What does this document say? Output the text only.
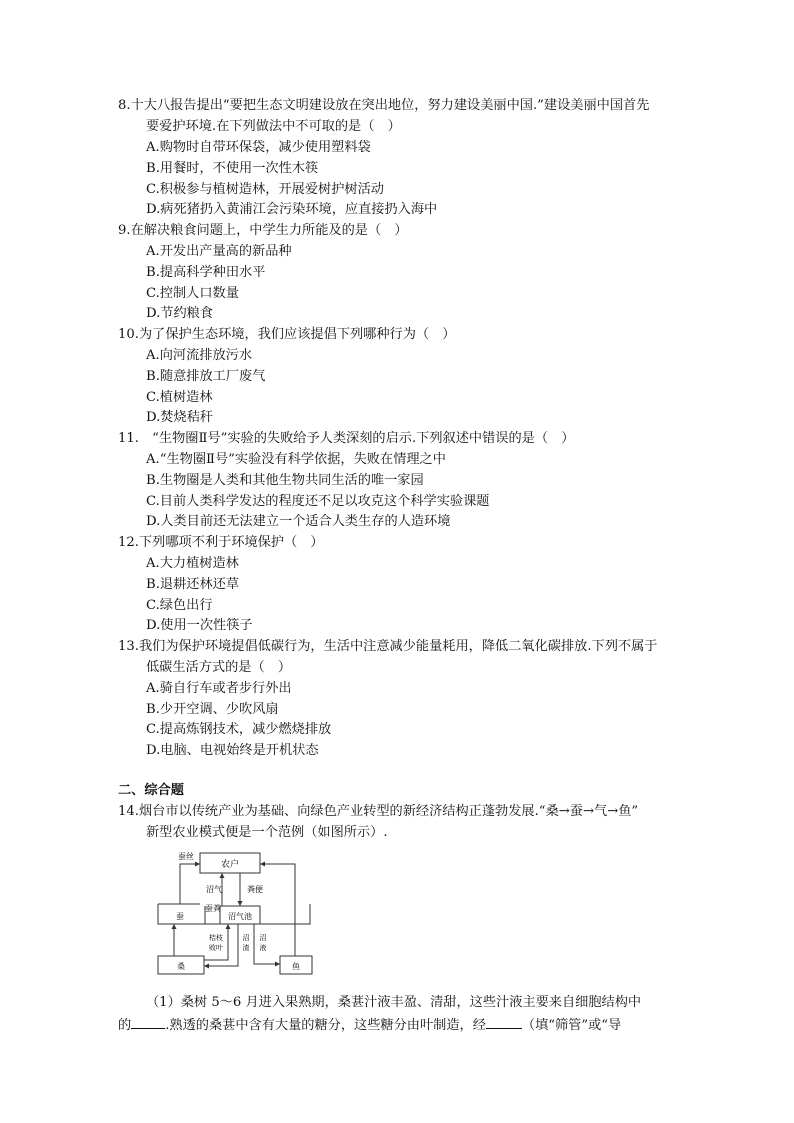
8.十大八报告提出“要把生态文明建设放在突出地位，努力建设美丽中国.”建设美丽中国首先
要爱护环境.在下列做法中不可取的是（　）
A.购物时自带环保袋，减少使用塑料袋
B.用餐时，不使用一次性木筷
C.积极参与植树造林，开展爱树护树活动
D.病死猪扔入黄浦江会污染环境，应直接扔入海中
9.在解决粮食问题上，中学生力所能及的是（　）
A.开发出产量高的新品种
B.提高科学种田水平
C.控制人口数量
D.节约粮食
10.为了保护生态环境，我们应该提倡下列哪种行为（　）
A.向河流排放污水
B.随意排放工厂废气
C.植树造林
D.焚烧秸秆
11.　“生物圈Ⅱ号”实验的失败给予人类深刻的启示.下列叙述中错误的是（　）
A.“生物圈Ⅱ号”实验没有科学依据，失败在情理之中
B.生物圈是人类和其他生物共同生活的唯一家园
C.目前人类科学发达的程度还不足以攻克这个科学实验课题
D.人类目前还无法建立一个适合人类生存的人造环境
12.下列哪项不利于环境保护（　）
A.大力植树造林
B.退耕还林还草
C.绿色出行
D.使用一次性筷子
13.我们为保护环境提倡低碳行为，生活中注意减少能量耗用，降低二氧化碳排放.下列不属于
低碳生活方式的是（　）
A.骑自行车或者步行外出
B.少开空调、少吹风扇
C.提高炼钢技术，减少燃烧排放
D.电脑、电视始终是开机状态
二、综合题
14.烟台市以传统产业为基础、向绿色产业转型的新经济结构正蓬勃发展.“桑→蚕→气→鱼”
新型农业模式便是一个范例（如图所示）.
农户
蚕丝
蚕	沼气池
蚕粪
沼气	粪便
桑
桔枝
败叶
沼
渣
沼
液
鱼
（1）桑树 5～6 月进入果熟期，桑葚汁液丰盈、清甜，这些汁液主要来自细胞结构中
的	.熟透的桑葚中含有大量的糖分，这些糖分由叶制造，经	（填“筛管”或“导
